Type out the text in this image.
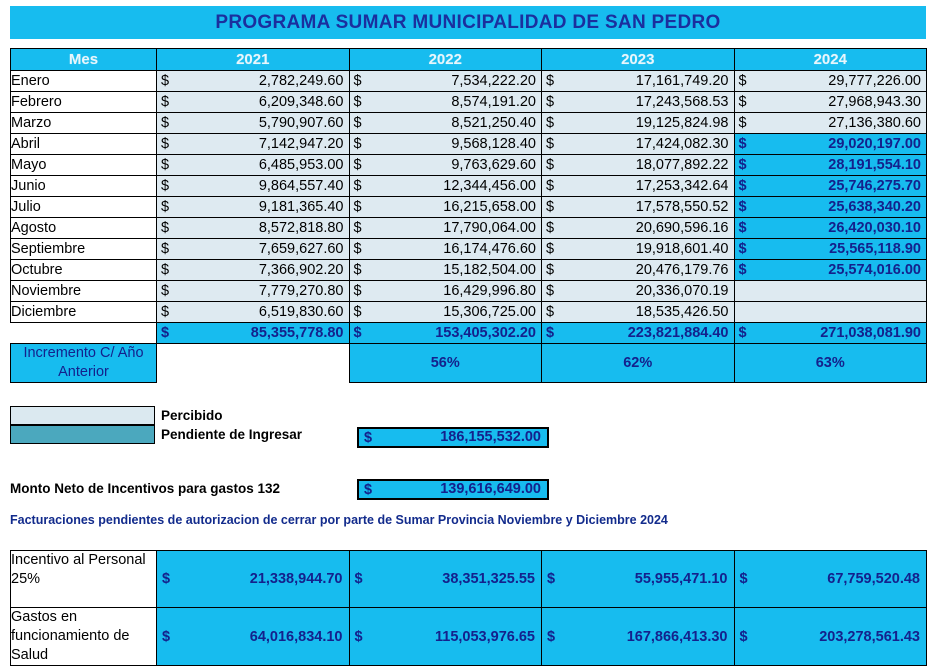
PROGRAMA SUMAR MUNICIPALIDAD DE SAN PEDRO
Mes	2021	2022	2023	2024
Enero	$ 2,782,249.60	$ 7,534,222.20	$ 17,161,749.20	$ 29,777,226.00

Febrero	$ 6,209,348.60	$ 8,574,191.20	$ 17,243,568.53	$ 27,968,943.30

Marzo	$ 5,790,907.60	$ 8,521,250.40	$ 19,125,824.98	$ 27,136,380.60

Abril	$ 7,142,947.20	$ 9,568,128.40	$ 17,424,082.30	$ 29,020,197.00

Mayo	$ 6,485,953.00	$ 9,763,629.60	$ 18,077,892.22	$ 28,191,554.10

Junio	$ 9,864,557.40	$ 12,344,456.00	$ 17,253,342.64	$ 25,746,275.70

Julio	$ 9,181,365.40	$ 16,215,658.00	$ 17,578,550.52	$ 25,638,340.20

Agosto	$ 8,572,818.80	$ 17,790,064.00	$ 20,690,596.16	$ 26,420,030.10

Septiembre	$ 7,659,627.60	$ 16,174,476.60	$ 19,918,601.40	$ 25,565,118.90

Octubre	$ 7,366,902.20	$ 15,182,504.00	$ 20,476,179.76	$ 25,574,016.00

Noviembre	$ 7,779,270.80	$ 16,429,996.80	$ 20,336,070.19	

Diciembre	$ 6,519,830.60	$ 15,306,725.00	$ 18,535,426.50	

	$ 85,355,778.80	$ 153,405,302.20	$ 223,821,884.40	$ 271,038,081.90

Incremento C/ Año Anterior		56%	62%	63%
Percibido
Pendiente de Ingresar	$	186,155,532.00
Monto Neto de Incentivos para gastos 132	$	139,616,649.00
Facturaciones pendientes de autorizacion de cerrar por parte de Sumar Provincia Noviembre y Diciembre 2024
Incentivo al Personal 25%	$ 21,338,944.70	$ 38,351,325.55	$ 55,955,471.10	$ 67,759,520.48

Gastos en funcionamiento de Salud	$ 64,016,834.10	$ 115,053,976.65	$ 167,866,413.30	$ 203,278,561.43
